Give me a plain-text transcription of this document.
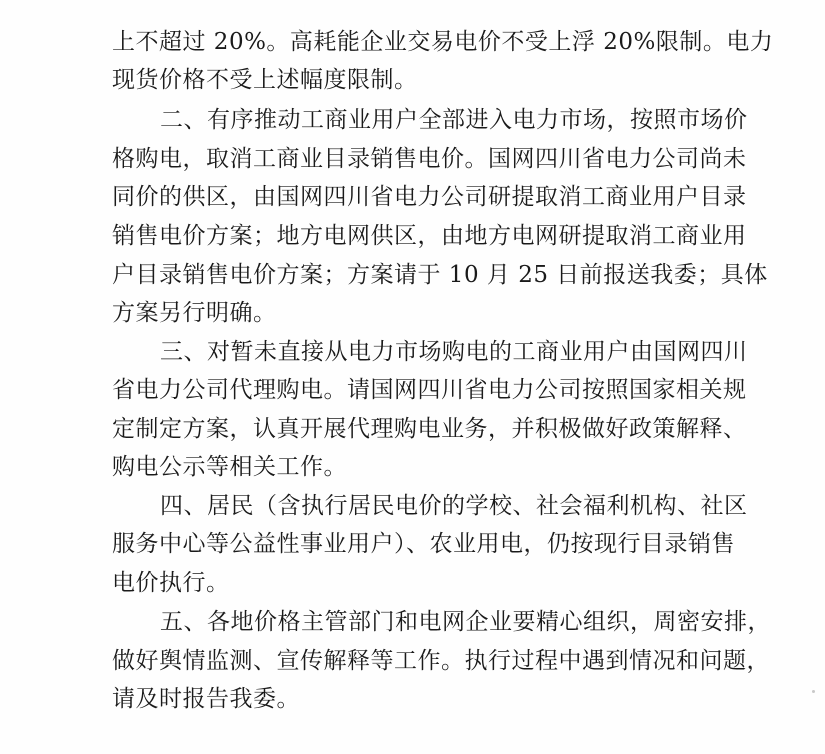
上不超过 20%。高耗能企业交易电价不受上浮 20%限制。电力
现货价格不受上述幅度限制。
二、有序推动工商业用户全部进入电力市场，按照市场价
格购电，取消工商业目录销售电价。国网四川省电力公司尚未
同价的供区，由国网四川省电力公司研提取消工商业用户目录
销售电价方案；地方电网供区，由地方电网研提取消工商业用
户目录销售电价方案；方案请于 10 月 25 日前报送我委；具体
方案另行明确。
三、对暂未直接从电力市场购电的工商业用户由国网四川
省电力公司代理购电。请国网四川省电力公司按照国家相关规
定制定方案，认真开展代理购电业务，并积极做好政策解释、
购电公示等相关工作。
四、居民（含执行居民电价的学校、社会福利机构、社区
服务中心等公益性事业用户）、农业用电，仍按现行目录销售
电价执行。
五、各地价格主管部门和电网企业要精心组织，周密安排，
做好舆情监测、宣传解释等工作。执行过程中遇到情况和问题，
请及时报告我委。
